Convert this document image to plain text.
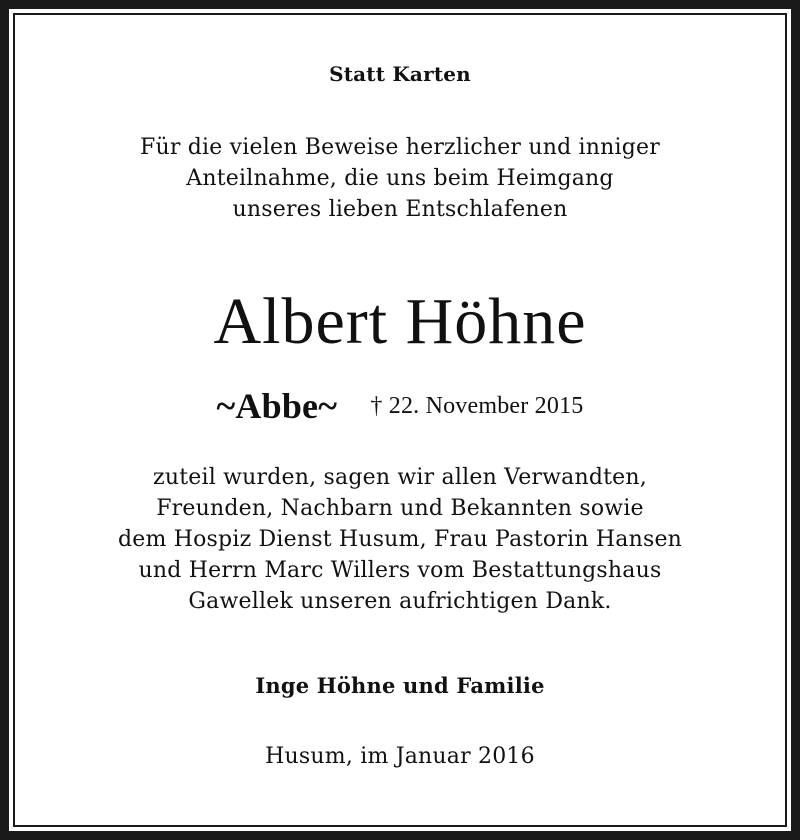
Statt Karten
Für die vielen Beweise herzlicher und inniger
Anteilnahme, die uns beim Heimgang
unseres lieben Entschlafenen
Albert Höhne
~Abbe~ † 22. November 2015
zuteil wurden, sagen wir allen Verwandten,
Freunden, Nachbarn und Bekannten sowie
dem Hospiz Dienst Husum, Frau Pastorin Hansen
und Herrn Marc Willers vom Bestattungshaus
Gawellek unseren aufrichtigen Dank.
Inge Höhne und Familie
Husum, im Januar 2016
